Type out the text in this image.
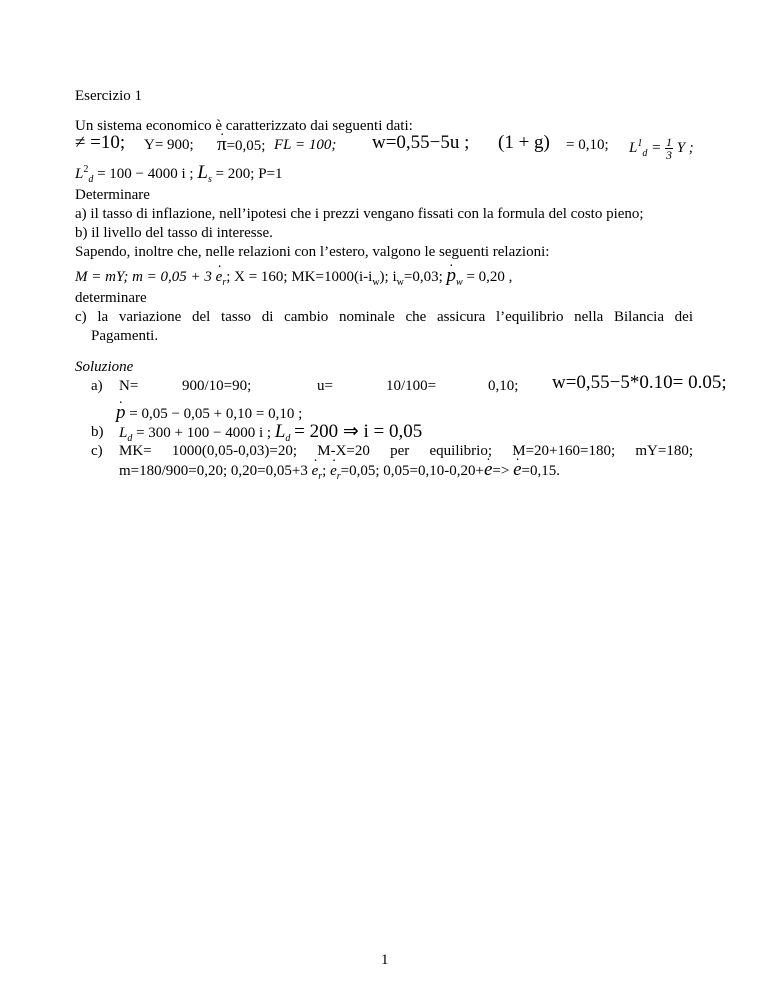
Esercizio 1
Un sistema economico è caratterizzato dai seguenti dati:
≠ =10; Y= 900; · π=0,05; FL = 100; w=0,55−5u ; (1 + g) = 0,10; $L^1_d = \frac{1}{3}$ Y ;
$L^2_d = 100 - 4000$ i ; $L_s = 200$; P=1
Determinare
a) il tasso di inflazione, nell’ipotesi che i prezzi vengano fissati con la formula del costo pieno;
b) il livello del tasso di interesse.
Sapendo, inoltre che, nelle relazioni con l’estero, valgono le seguenti relazioni:
M = mY; $m = 0,05 + 3 \cdot e_r$; X = 160; $MK=1000(i-i_w)$; $i_w=0,03$; · $p_w = 0,20$ ,
determinare
c) la variazione del tasso di cambio nominale che assicura l’equilibrio nella Bilancia dei
Pagamenti.
Soluzione
a) N=	900/10=90;	u=	10/100=	0,10; w=0,55−5*0.10= 0.05;
· p = 0,05 − 0,05 + 0,10 = 0,10 ;
b) $L_d = 300 + 100 - 4000$ i ; $L_d = 200$ ⇒ i = 0,05
c) MK= 1000(0,05-0,03)=20; M-X=20 per equilibrio; M=20+160=180; mY=180;
m=180/900=0,20; $0,20=0,05+3 \cdot e_r$; · $e_r=0,05$; 0,05=0,10-0,20+· e=> · e=0,15.
1
